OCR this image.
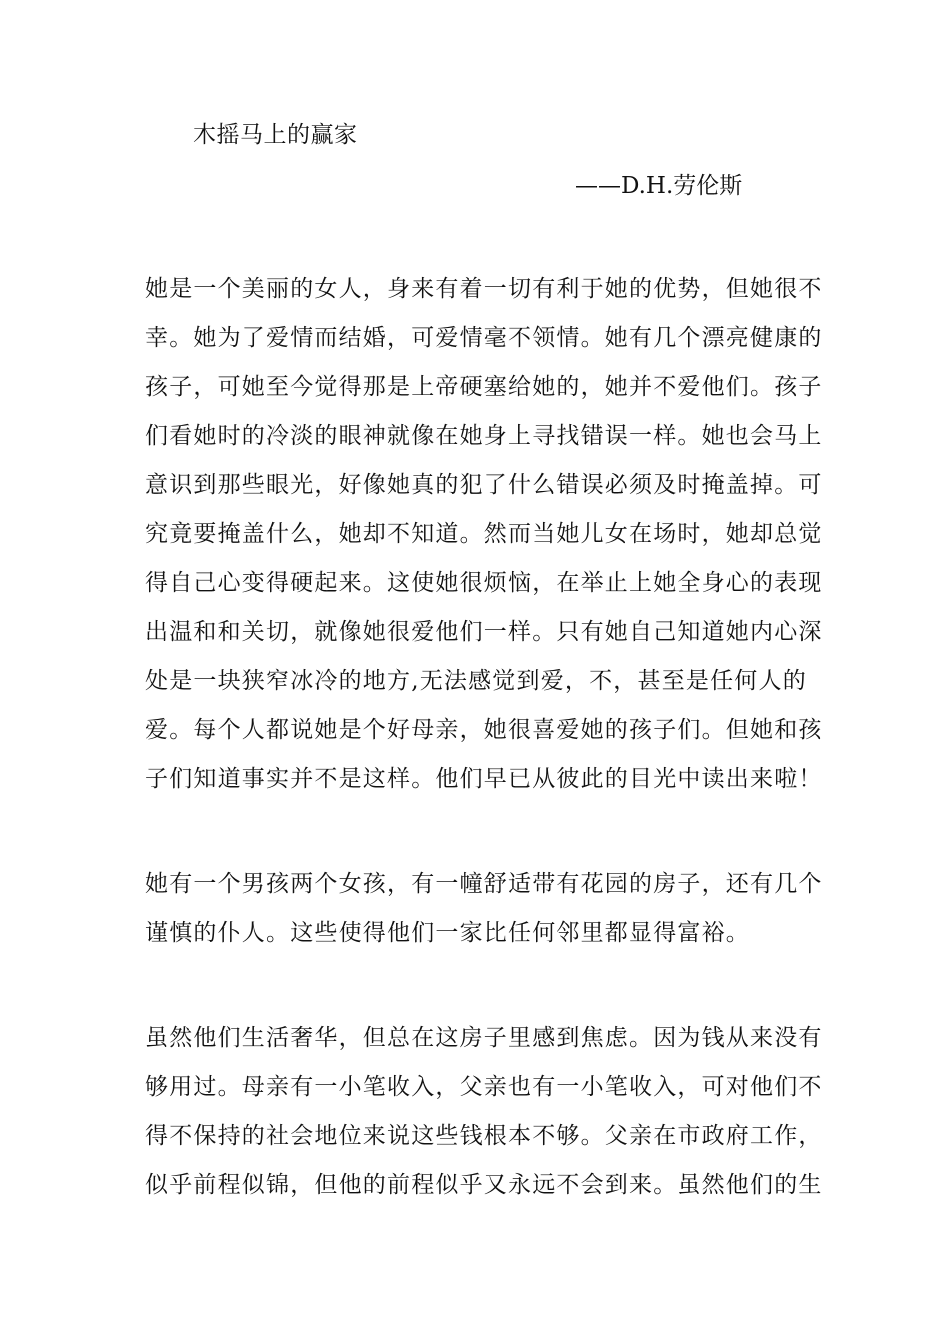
木摇马上的赢家
——D.H.劳伦斯
她是一个美丽的女人，身来有着一切有利于她的优势，但她很不
幸。她为了爱情而结婚，可爱情毫不领情。她有几个漂亮健康的
孩子，可她至今觉得那是上帝硬塞给她的，她并不爱他们。孩子
们看她时的冷淡的眼神就像在她身上寻找错误一样。她也会马上
意识到那些眼光，好像她真的犯了什么错误必须及时掩盖掉。可
究竟要掩盖什么，她却不知道。然而当她儿女在场时，她却总觉
得自己心变得硬起来。这使她很烦恼，在举止上她全身心的表现
出温和和关切，就像她很爱他们一样。只有她自己知道她内心深
处是一块狭窄冰冷的地方,无法感觉到爱，不，甚至是任何人的
爱。每个人都说她是个好母亲，她很喜爱她的孩子们。但她和孩
子们知道事实并不是这样。他们早已从彼此的目光中读出来啦！
她有一个男孩两个女孩，有一幢舒适带有花园的房子，还有几个
谨慎的仆人。这些使得他们一家比任何邻里都显得富裕。
虽然他们生活奢华，但总在这房子里感到焦虑。因为钱从来没有
够用过。母亲有一小笔收入，父亲也有一小笔收入，可对他们不
得不保持的社会地位来说这些钱根本不够。父亲在市政府工作，
似乎前程似锦，但他的前程似乎又永远不会到来。虽然他们的生
